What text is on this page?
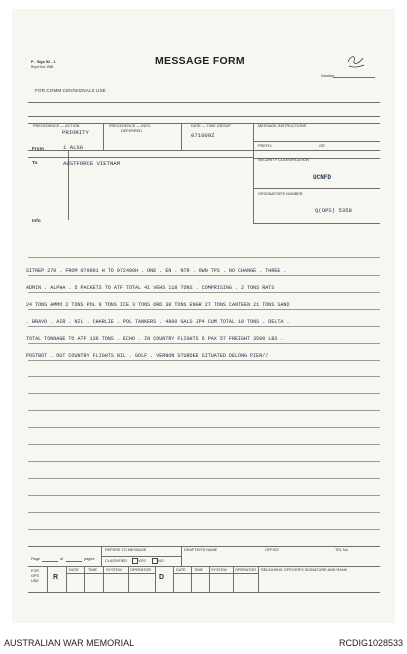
P - Sigs 52 - 1
Reprt Nov 1968	MESSAGE FORM
Number
FOR COMM CEN/SIGNALS USE
PRECEDENCE — ACTION
PRIORITY
PRECEDENCE — INFO
DEFERRED
DATE — TIME GROUP
071600Z
MESSAGE INSTRUCTIONS
From	1 ALSG
To	AUSTFORCE VIETNAM
Info
PREFIX	GR
SECURITY CLASSIFICATION
UCNFD
ORIGINATOR'S NUMBER
Q(OPS) 5358
SITREP 270 . FROM 070001 H TO 072400H . ONE . EN . NTR . OWN TPS . NO CHANGE . THREE .
ADMIN . ALPHA . 5 PACKETS TO ATF TOTAL 41 VEHS 118 TONS . COMPRISING . 2 TONS RATS
24 TONS AMMO 2 TONS POL 9 TONS ICE 3 TONS ORD 30 TONS ENGR 27 TONS CANTEEN 21 TONS SAND
. BRAVO . AIR . NIL . CHARLIE . POL TANKERS . 4800 GALS JP4 CUM TOTAL 18 TONS . DELTA .
TOTAL TONNAGE TO ATF 136 TONS . ECHO . IN COUNTRY FLIGHTS 6 PAX 57 FREIGHT 3500 LBS .
POSTBOT . OUT COUNTRY FLIGHTS NIL . GOLF . VERNON STURDEE SITUATED DELONG PIER//
Page	of	pages
REFERS TO MESSAGE
CLASSIFIED	YES	NO
DRAFTER'S NAME	OFFICE	TEL No
FOR
OPS
USE R
DATE TIME SYSTEM OPERATOR
D
DATE TIME SYSTEM OPERATOR RELEASING OFFICER'S SIGNATURE AND RANK
AUSTRALIAN WAR MEMORIAL	RCDIG1028533
